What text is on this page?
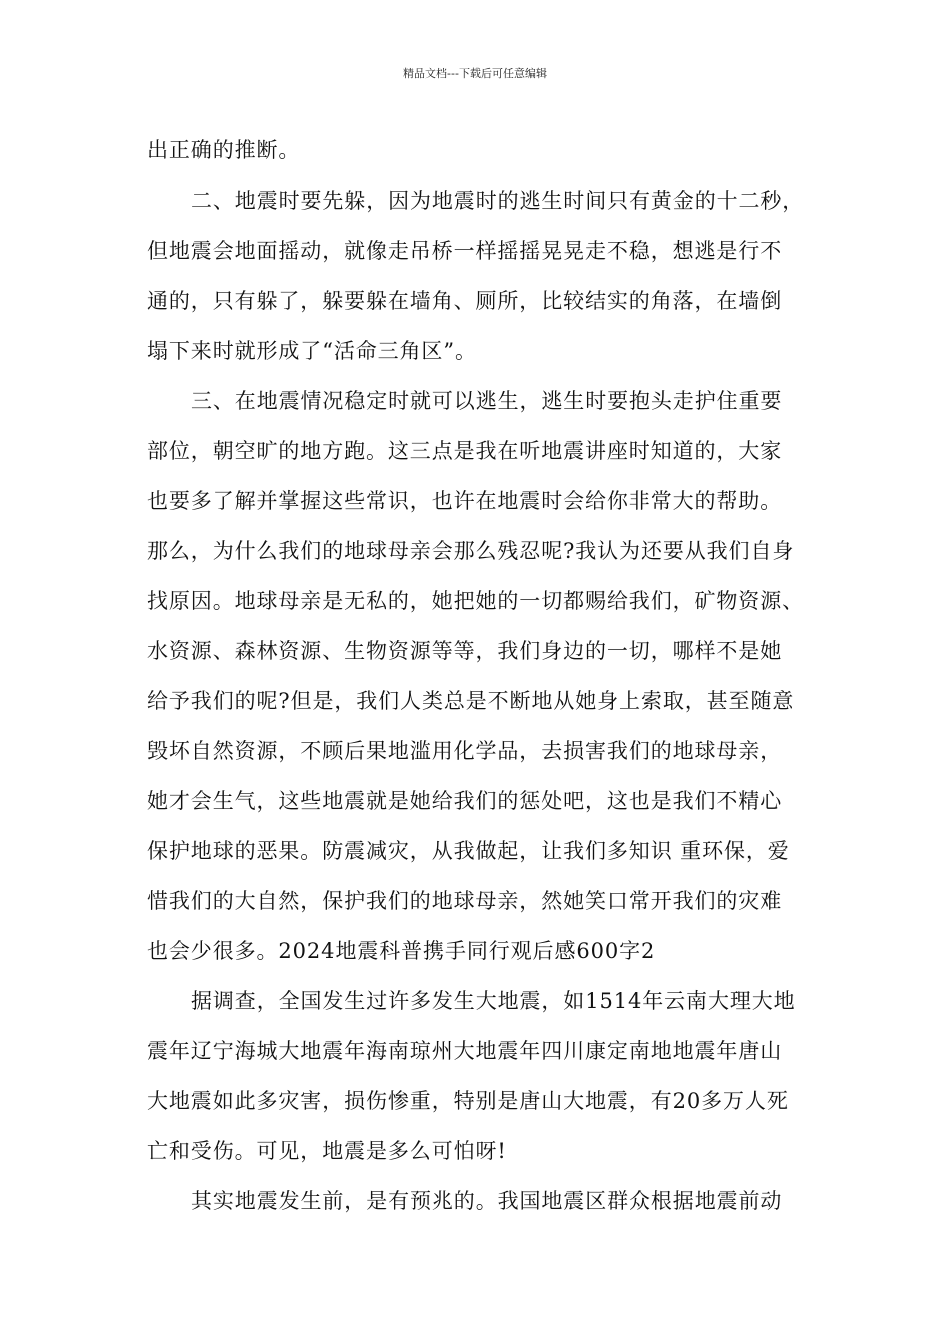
精品文档---下载后可任意编辑
出正确的推断。
二、地震时要先躲，因为地震时的逃生时间只有黄金的十二秒，
但地震会地面摇动，就像走吊桥一样摇摇晃晃走不稳，想逃是行不
通的，只有躲了，躲要躲在墙角、厕所，比较结实的角落，在墙倒
塌下来时就形成了“活命三角区”。
三、在地震情况稳定时就可以逃生，逃生时要抱头走护住重要
部位，朝空旷的地方跑。这三点是我在听地震讲座时知道的，大家
也要多了解并掌握这些常识，也许在地震时会给你非常大的帮助。
那么，为什么我们的地球母亲会那么残忍呢?我认为还要从我们自身
找原因。地球母亲是无私的，她把她的一切都赐给我们，矿物资源、
水资源、森林资源、生物资源等等，我们身边的一切，哪样不是她
给予我们的呢?但是，我们人类总是不断地从她身上索取，甚至随意
毁坏自然资源，不顾后果地滥用化学品，去损害我们的地球母亲，
她才会生气，这些地震就是她给我们的惩处吧，这也是我们不精心
保护地球的恶果。防震减灾，从我做起，让我们多知识 重环保，爱
惜我们的大自然，保护我们的地球母亲，然她笑口常开我们的灾难
也会少很多。2024地震科普携手同行观后感600字2
据调查，全国发生过许多发生大地震，如1514年云南大理大地
震年辽宁海城大地震年海南琼州大地震年四川康定南地地震年唐山
大地震如此多灾害，损伤惨重，特别是唐山大地震，有20多万人死
亡和受伤。可见，地震是多么可怕呀!
其实地震发生前，是有预兆的。我国地震区群众根据地震前动
